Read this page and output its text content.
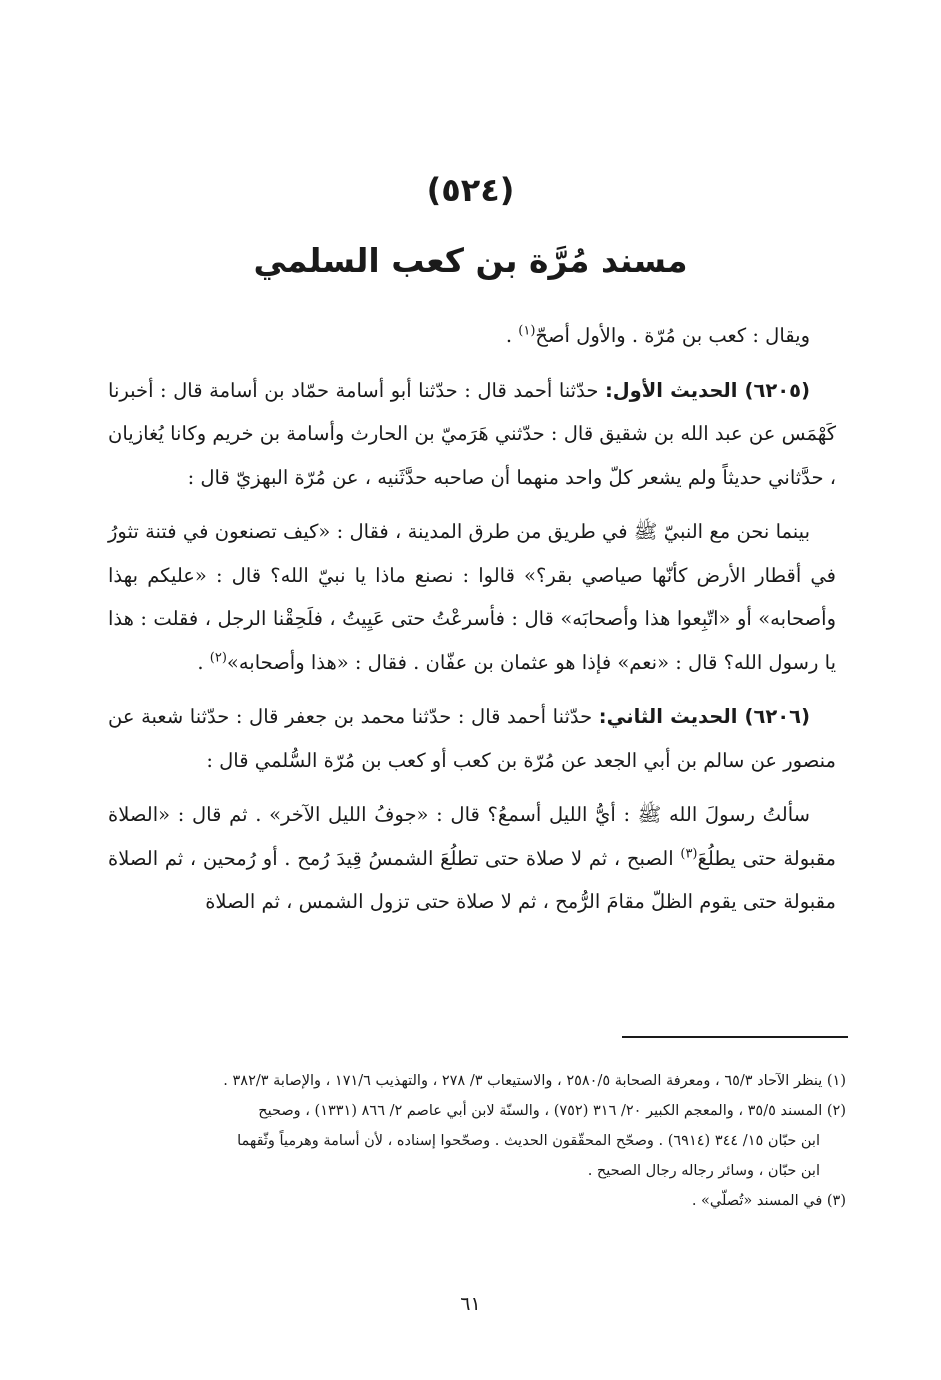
(٥٢٤)
مسند مُرَّة بن كعب السلمي

ويقال : كعب بن مُرّة . والأول أصحّ$^{(١)}$ .

(٦٢٠٥) الحديث الأول: حدّثنا أحمد قال : حدّثنا أبو أسامة حمّاد بن أسامة قال : أخبرنا كَهْمَس عن عبد الله بن شقيق قال : حدّثني هَرَميّ بن الحارث وأسامة بن خريم وكانا يُغازيان ، حدَّثاني حديثاً ولم يشعر كلّ واحد منهما أن صاحبه حدَّثَنيه ، عن مُرّة البهزيّ قال :

بينما نحن مع النبيّ ﷺ في طريق من طرق المدينة ، فقال : «كيف تصنعون في فتنة تثورُ في أقطار الأرض كأنّها صياصي بقر؟» قالوا : نصنع ماذا يا نبيّ الله؟ قال : «عليكم بهذا وأصحابه» أو «اتّبِعوا هذا وأصحابَه» قال : فأسرعْتُ حتى عَيِيتُ ، فلَحِقْنا الرجل ، فقلت : هذا يا رسول الله؟ قال : «نعم» فإذا هو عثمان بن عفّان . فقال : «هذا وأصحابه»$^{(٢)}$ .

(٦٢٠٦) الحديث الثاني: حدّثنا أحمد قال : حدّثنا محمد بن جعفر قال : حدّثنا شعبة عن منصور عن سالم بن أبي الجعد عن مُرّة بن كعب أو كعب بن مُرّة السُّلمي قال :

سألتُ رسولَ الله ﷺ : أيُّ الليل أسمعُ؟ قال : «جوفُ الليل الآخر» . ثم قال : «الصلاة مقبولة حتى يطلُعَ$^{(٣)}$ الصبح ، ثم لا صلاة حتى تطلُعَ الشمسُ قِيدَ رُمح . أو رُمحين ، ثم الصلاة مقبولة حتى يقوم الظلّ مقامَ الرُّمح ، ثم لا صلاة حتى تزول الشمس ، ثم الصلاة

(١) ينظر الآحاد ٦٥/٣ ، ومعرفة الصحابة ٢٥٨٠/٥ ، والاستيعاب ٣/ ٢٧٨ ، والتهذيب ١٧١/٦ ، والإصابة ٣٨٢/٣ .

(٢) المسند ٣٥/٥ ، والمعجم الكبير ٢٠/ ٣١٦ (٧٥٢) ، والسنّة لابن أبي عاصم ٢/ ٨٦٦ (١٣٣١) ، وصحيح

ابن حبّان ١٥/ ٣٤٤ (٦٩١٤) . وصحّح المحقّقون الحديث . وصحّحوا إسناده ، لأن أسامة وهرمياً وثّقهما

ابن حبّان ، وسائر رجاله رجال الصحيح .

(٣) في المسند «تُصلّي» .

٦١
